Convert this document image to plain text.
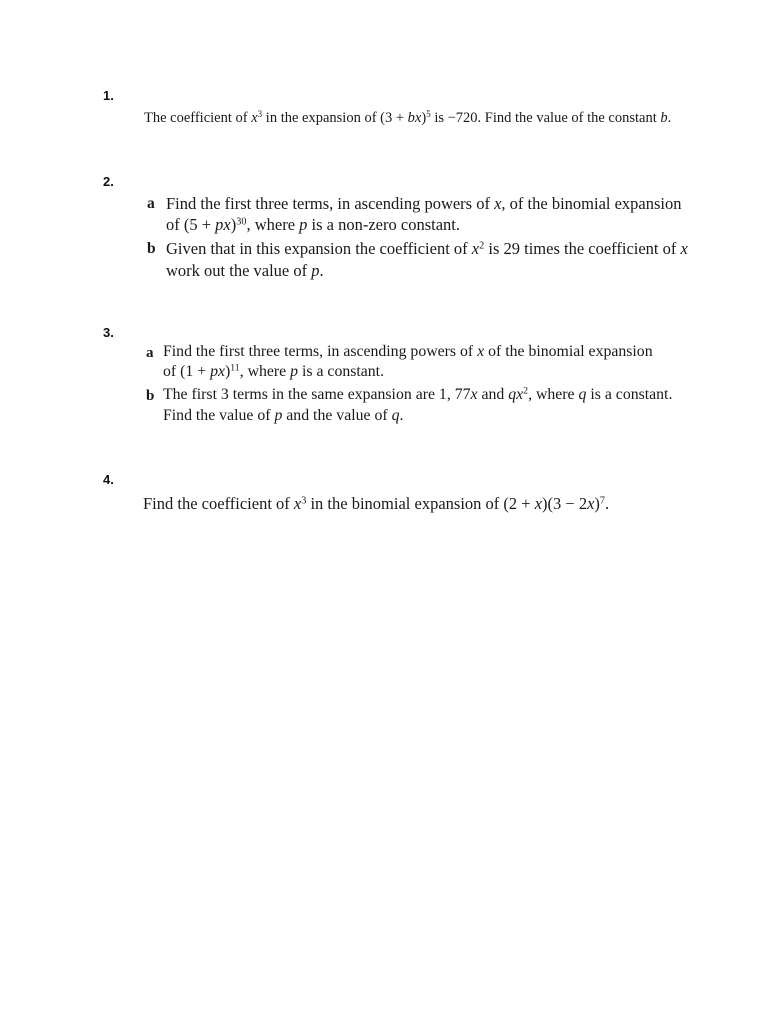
1.
The coefficient of $x^3$ in the expansion of (3 + bx)$^5$ is −720. Find the value of the constant b.
2.
a Find the first three terms, in ascending powers of x, of the binomial expansion
of (5 + px)$^{30}$, where p is a non-zero constant.
b Given that in this expansion the coefficient of $x^2$ is 29 times the coefficient of x
work out the value of p.
3.
a Find the first three terms, in ascending powers of x of the binomial expansion
of (1 + px)$^{11}$, where p is a constant.
b The first 3 terms in the same expansion are 1, 77x and $qx^2$, where q is a constant.
Find the value of p and the value of q.
4.
Find the coefficient of $x^3$ in the binomial expansion of $(2 + x)(3 - 2x)^7$.
